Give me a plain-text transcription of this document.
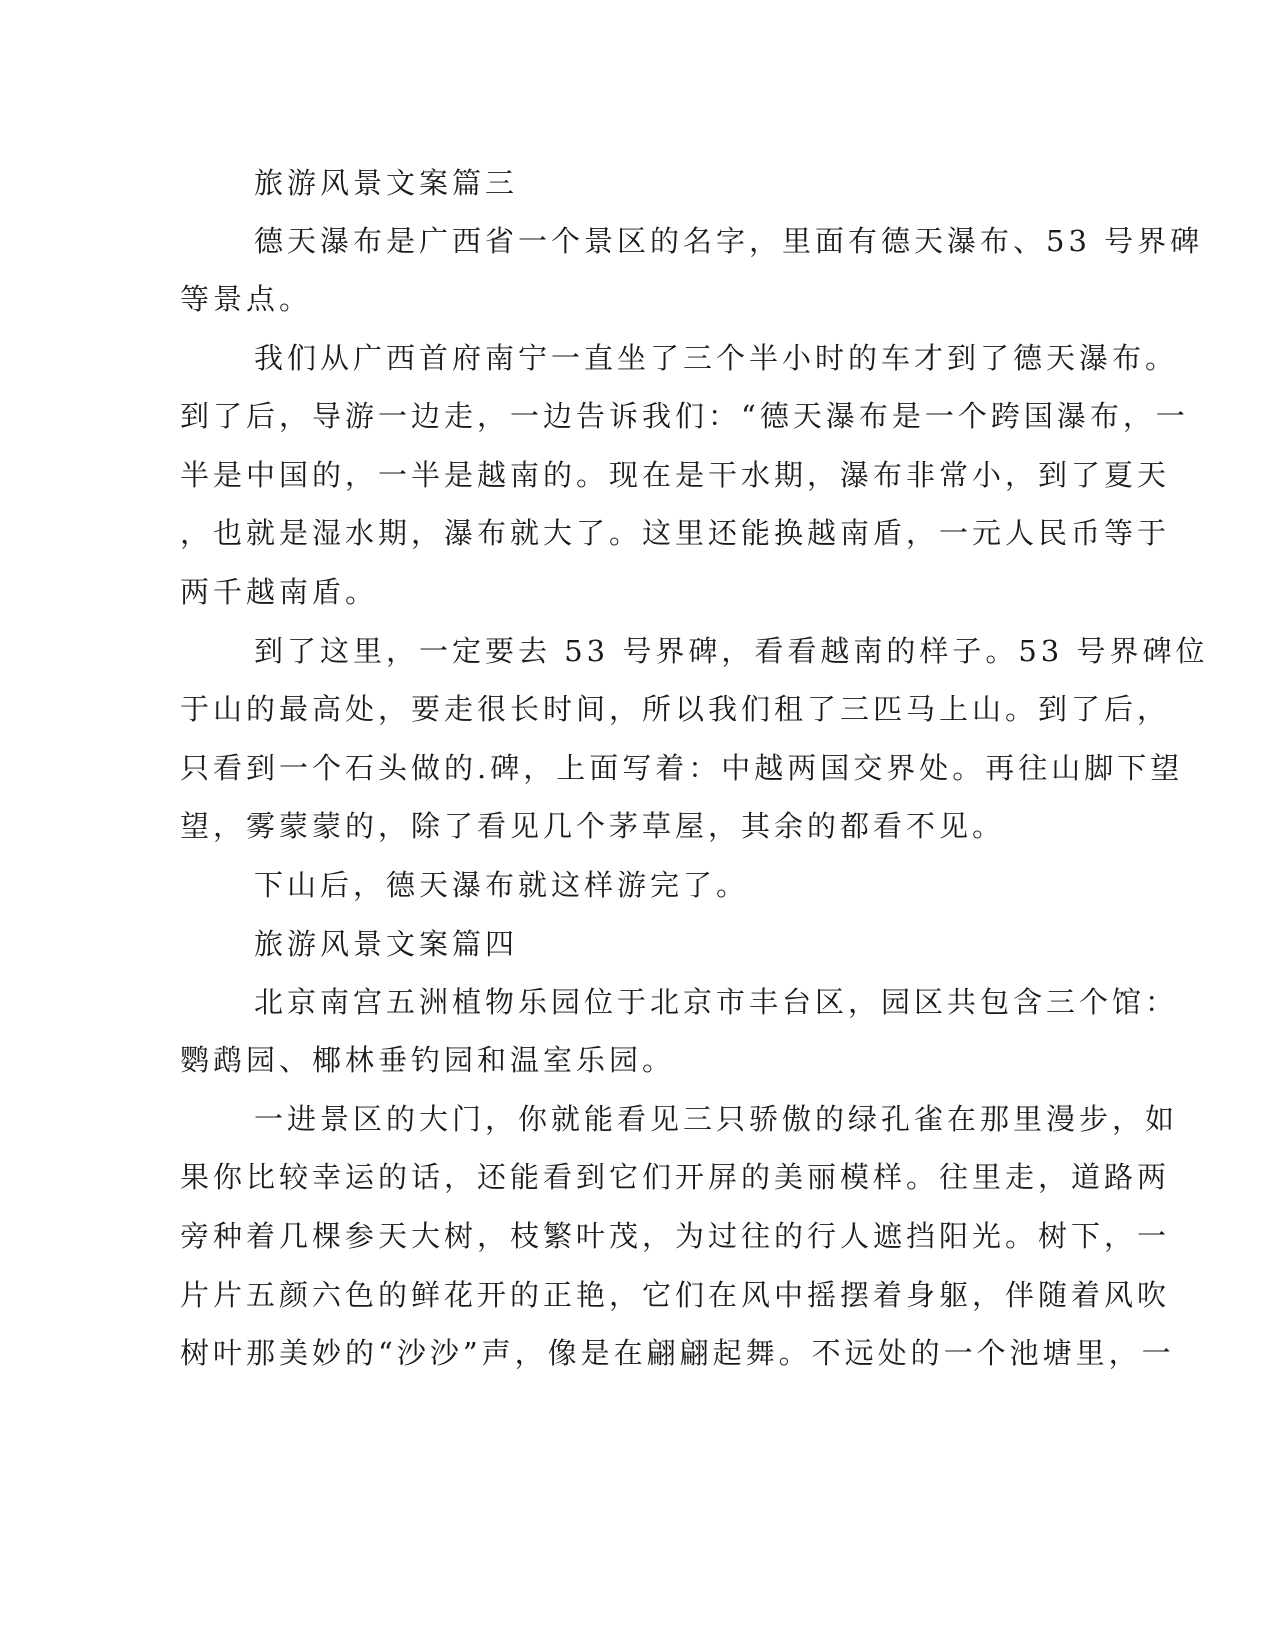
旅游风景文案篇三
德天瀑布是广西省一个景区的名字，里面有德天瀑布、53 号界碑
等景点。
我们从广西首府南宁一直坐了三个半小时的车才到了德天瀑布。
到了后，导游一边走，一边告诉我们：“德天瀑布是一个跨国瀑布，一
半是中国的，一半是越南的。现在是干水期，瀑布非常小，到了夏天
，也就是湿水期，瀑布就大了。这里还能换越南盾，一元人民币等于
两千越南盾。
到了这里，一定要去 53 号界碑，看看越南的样子。53 号界碑位
于山的最高处，要走很长时间，所以我们租了三匹马上山。到了后，
只看到一个石头做的.碑，上面写着：中越两国交界处。再往山脚下望
望，雾蒙蒙的，除了看见几个茅草屋，其余的都看不见。
下山后，德天瀑布就这样游完了。
旅游风景文案篇四
北京南宫五洲植物乐园位于北京市丰台区，园区共包含三个馆：
鹦鹉园、椰林垂钓园和温室乐园。
一进景区的大门，你就能看见三只骄傲的绿孔雀在那里漫步，如
果你比较幸运的话，还能看到它们开屏的美丽模样。往里走，道路两
旁种着几棵参天大树，枝繁叶茂，为过往的行人遮挡阳光。树下，一
片片五颜六色的鲜花开的正艳，它们在风中摇摆着身躯，伴随着风吹
树叶那美妙的“沙沙”声，像是在翩翩起舞。不远处的一个池塘里，一
